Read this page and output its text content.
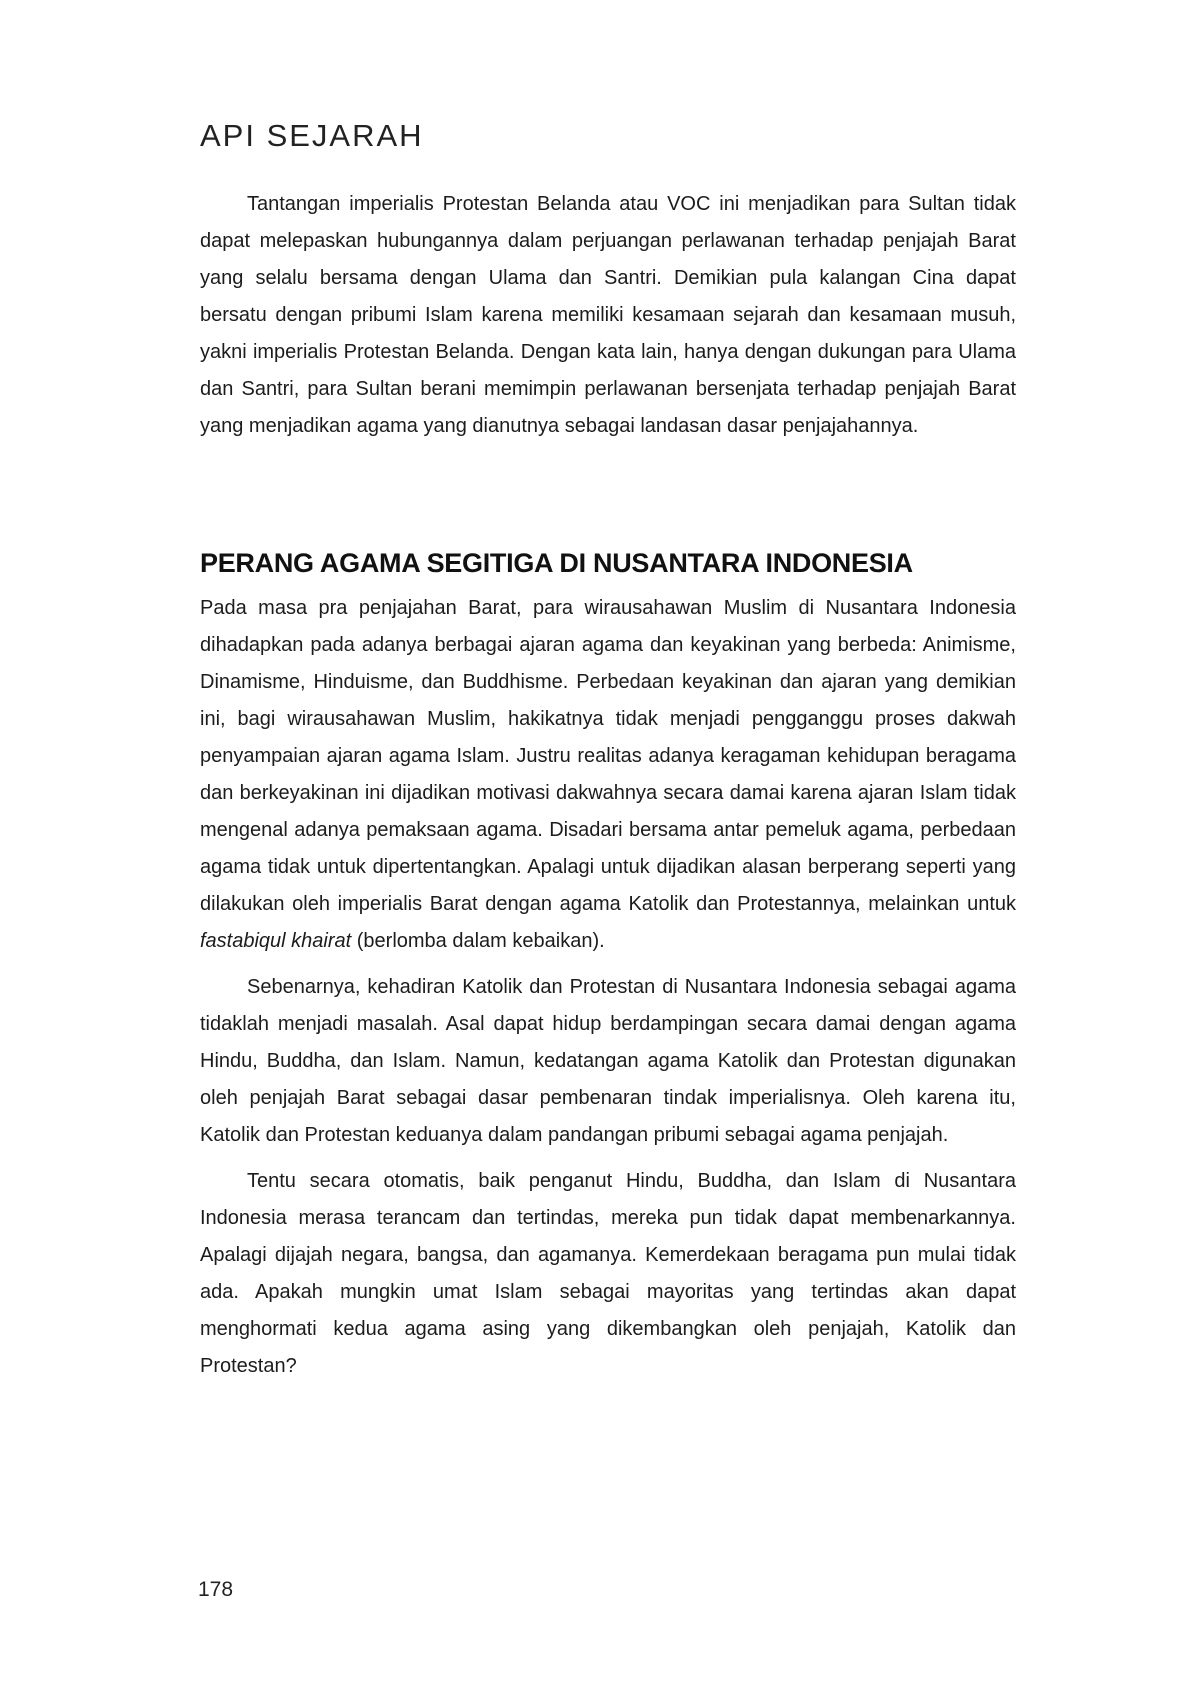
API SEJARAH

Tantangan imperialis Protestan Belanda atau VOC ini menjadikan para Sultan tidak dapat melepaskan hubungannya dalam perjuangan perlawanan terhadap penjajah Barat yang selalu bersama dengan Ulama dan Santri. Demikian pula kalangan Cina dapat bersatu dengan pribumi Islam karena memiliki kesamaan sejarah dan kesamaan musuh, yakni imperialis Protestan Belanda. Dengan kata lain, hanya dengan dukungan para Ulama dan Santri, para Sultan berani memimpin perlawanan bersenjata terhadap penjajah Barat yang menjadikan agama yang dianutnya sebagai landasan dasar penjajahannya.

PERANG AGAMA SEGITIGA DI NUSANTARA INDONESIA

Pada masa pra penjajahan Barat, para wirausahawan Muslim di Nusantara Indonesia dihadapkan pada adanya berbagai ajaran agama dan keyakinan yang berbeda: Animisme, Dinamisme, Hinduisme, dan Buddhisme. Perbedaan keyakinan dan ajaran yang demikian ini, bagi wirausahawan Muslim, hakikatnya tidak menjadi pengganggu proses dakwah penyampaian ajaran agama Islam. Justru realitas adanya keragaman kehidupan beragama dan berkeyakinan ini dijadikan motivasi dakwahnya secara damai karena ajaran Islam tidak mengenal adanya pemaksaan agama. Disadari bersama antar pemeluk agama, perbedaan agama tidak untuk dipertentangkan. Apalagi untuk dijadikan alasan berperang seperti yang dilakukan oleh imperialis Barat dengan agama Katolik dan Protestannya, melainkan untuk fastabiqul khairat (berlomba dalam kebaikan).

Sebenarnya, kehadiran Katolik dan Protestan di Nusantara Indonesia sebagai agama tidaklah menjadi masalah. Asal dapat hidup berdampingan secara damai dengan agama Hindu, Buddha, dan Islam. Namun, kedatangan agama Katolik dan Protestan digunakan oleh penjajah Barat sebagai dasar pembenaran tindak imperialisnya. Oleh karena itu, Katolik dan Protestan keduanya dalam pandangan pribumi sebagai agama penjajah.

Tentu secara otomatis, baik penganut Hindu, Buddha, dan Islam di Nusantara Indonesia merasa terancam dan tertindas, mereka pun tidak dapat membenarkannya. Apalagi dijajah negara, bangsa, dan agamanya. Kemerdekaan beragama pun mulai tidak ada. Apakah mungkin umat Islam sebagai mayoritas yang tertindas akan dapat menghormati kedua agama asing yang dikembangkan oleh penjajah, Katolik dan Protestan?

178
